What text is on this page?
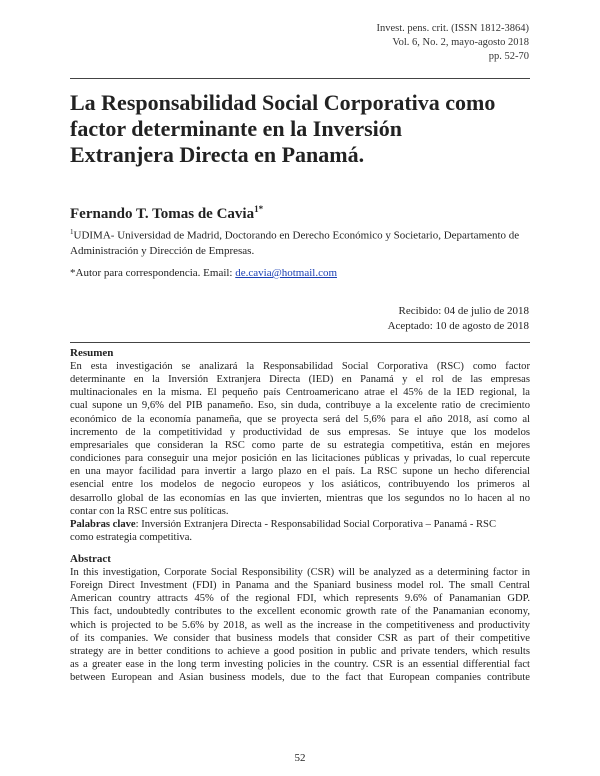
Invest. pens. crit. (ISSN 1812-3864)
Vol. 6, No. 2, mayo-agosto 2018
pp. 52-70
La Responsabilidad Social Corporativa como
factor determinante en la Inversión
Extranjera Directa en Panamá.
Fernando T. Tomas de Cavia$^{1*}$
$^1$UDIMA- Universidad de Madrid, Doctorando en Derecho Económico y Societario, Departamento de Administración y Dirección de Empresas.
*Autor para correspondencia. Email: de.cavia@hotmail.com
Recibido: 04 de julio de 2018
Aceptado: 10 de agosto de 2018
Resumen
En esta investigación se analizará la Responsabilidad Social Corporativa (RSC) como factor
determinante en la Inversión Extranjera Directa (IED) en Panamá y el rol de las empresas
multinacionales en la misma. El pequeño país Centroamericano atrae el 45% de la IED regional, la
cual supone un 9,6% del PIB panameño. Eso, sin duda, contribuye a la excelente ratio de crecimiento
económico de la economía panameña, que se proyecta será del 5,6% para el año 2018, así como al
incremento de la competitividad y productividad de sus empresas. Se intuye que los modelos
empresariales que consideran la RSC como parte de su estrategia competitiva, están en mejores
condiciones para conseguir una mejor posición en las licitaciones públicas y privadas, lo cual repercute
en una mayor facilidad para invertir a largo plazo en el país. La RSC supone un hecho diferencial
esencial entre los modelos de negocio europeos y los asiáticos, contribuyendo los primeros al
desarrollo global de las economías en las que invierten, mientras que los segundos no lo hacen al no
contar con la RSC entre sus políticas.
Palabras clave: Inversión Extranjera Directa - Responsabilidad Social Corporativa – Panamá - RSC
como estrategia competitiva.
Abstract
In this investigation, Corporate Social Responsibility (CSR) will be analyzed as a determining factor in
Foreign Direct Investment (FDI) in Panama and the Spaniard business model rol. The small Central
American country attracts 45% of the regional FDI, which represents 9.6% of Panamanian GDP.
This fact, undoubtedly contributes to the excellent economic growth rate of the Panamanian economy,
which is projected to be 5.6% by 2018, as well as the increase in the competitiveness and productivity
of its companies. We consider that business models that consider CSR as part of their competitive
strategy are in better conditions to achieve a good position in public and private tenders, which results
as a greater ease in the long term investing policies in the country. CSR is an essential differential fact
between European and Asian business models, due to the fact that European companies contribute
52
